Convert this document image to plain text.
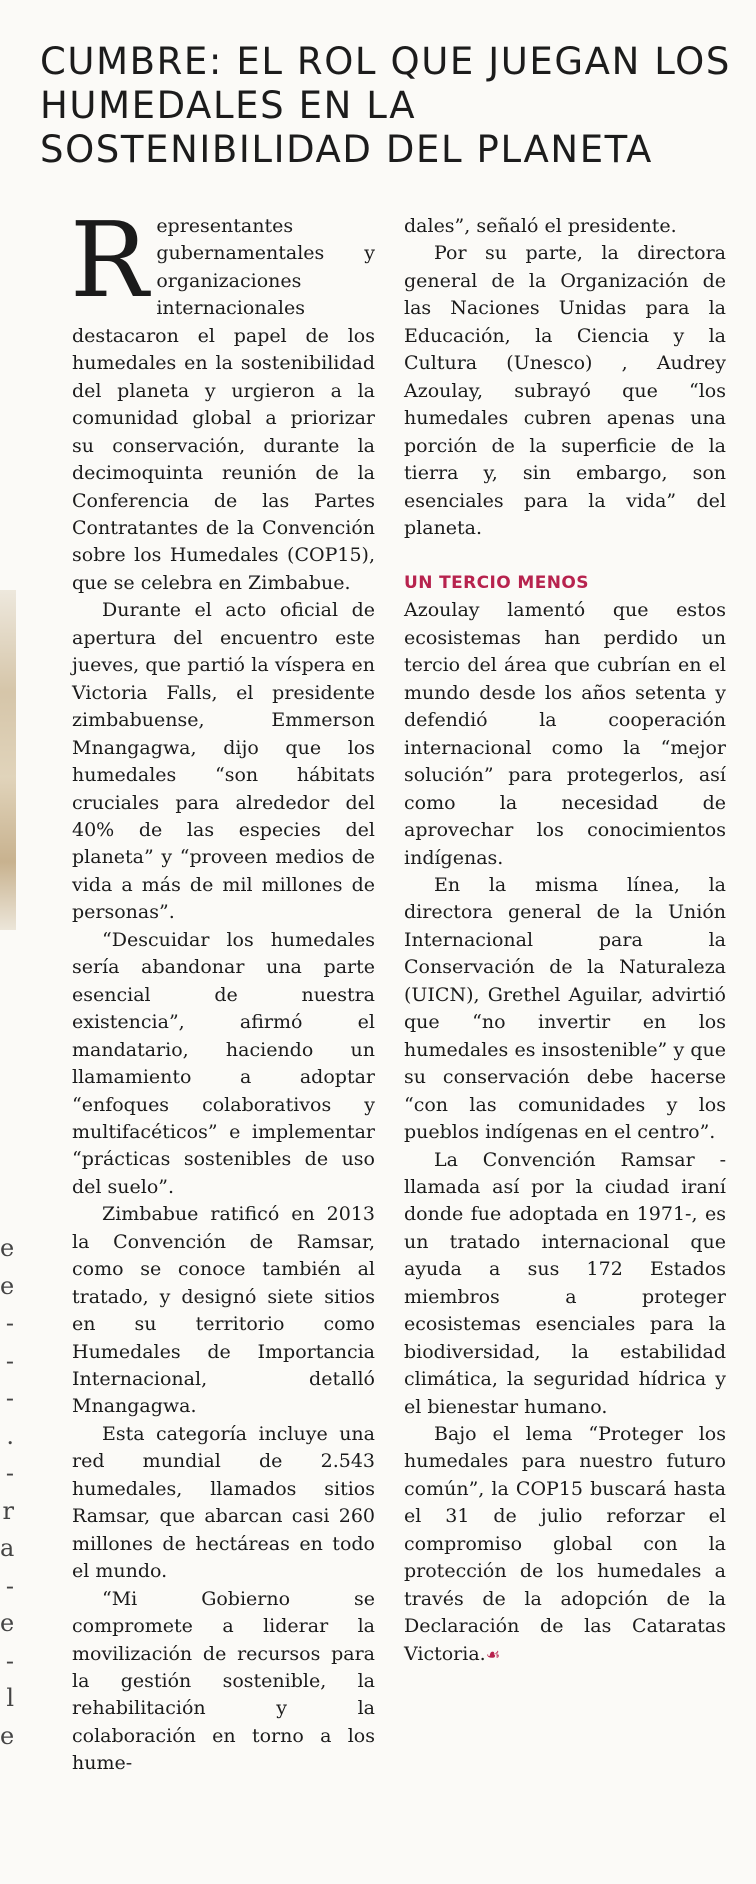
e
e
-
-
-
.
-
r
a
-
e
-
l
e
CUMBRE: EL ROL QUE JUEGAN LOS HUMEDALES EN LA SOSTENIBILIDAD DEL PLANETA

Representantes gubernamentales y organizaciones internacionales destacaron el papel de los humedales en la sostenibilidad del planeta y urgieron a la comunidad global a priorizar su conservación, durante la decimoquinta reunión de la Conferencia de las Partes Contratantes de la Convención sobre los Humedales (COP15), que se celebra en Zimbabue.

Durante el acto oficial de apertura del encuentro este jueves, que partió la víspera en Victoria Falls, el presidente zimbabuense, Emmerson Mnangagwa, dijo que los humedales “son hábitats cruciales para alrededor del 40% de las especies del planeta” y “proveen medios de vida a más de mil millones de personas”.

“Descuidar los humedales sería abandonar una parte esencial de nuestra existencia”, afirmó el mandatario, haciendo un llamamiento a adoptar “enfoques colaborativos y multifacéticos” e implementar “prácticas sostenibles de uso del suelo”.

Zimbabue ratificó en 2013 la Convención de Ramsar, como se conoce también al tratado, y designó siete sitios en su territorio como Humedales de Importancia Internacional, detalló Mnangagwa.

Esta categoría incluye una red mundial de 2.543 humedales, llamados sitios Ramsar, que abarcan casi 260 millones de hectáreas en todo el mundo.

“Mi Gobierno se compromete a liderar la movilización de recursos para la gestión sostenible, la rehabilitación y la colaboración en torno a los hume-

dales”, señaló el presidente.

Por su parte, la directora general de la Organización de las Naciones Unidas para la Educación, la Ciencia y la Cultura (Unesco) , Audrey Azoulay, subrayó que “los humedales cubren apenas una porción de la superficie de la tierra y, sin embargo, son esenciales para la vida” del planeta.

UN TERCIO MENOS

Azoulay lamentó que estos ecosistemas han perdido un tercio del área que cubrían en el mundo desde los años setenta y defendió la cooperación internacional como la “mejor solución” para protegerlos, así como la necesidad de aprovechar los conocimientos indígenas.

En la misma línea, la directora general de la Unión Internacional para la Conservación de la Naturaleza (UICN), Grethel Aguilar, advirtió que “no invertir en los humedales es insostenible” y que su conservación debe hacerse “con las comunidades y los pueblos indígenas en el centro”.

La Convención Ramsar -llamada así por la ciudad iraní donde fue adoptada en 1971-, es un tratado internacional que ayuda a sus 172 Estados miembros a proteger ecosistemas esenciales para la biodiversidad, la estabilidad climática, la seguridad hídrica y el bienestar humano.

Bajo el lema “Proteger los humedales para nuestro futuro común”, la COP15 buscará hasta el 31 de julio reforzar el compromiso global con la protección de los humedales a través de la adopción de la Declaración de las Cataratas Victoria.☙
